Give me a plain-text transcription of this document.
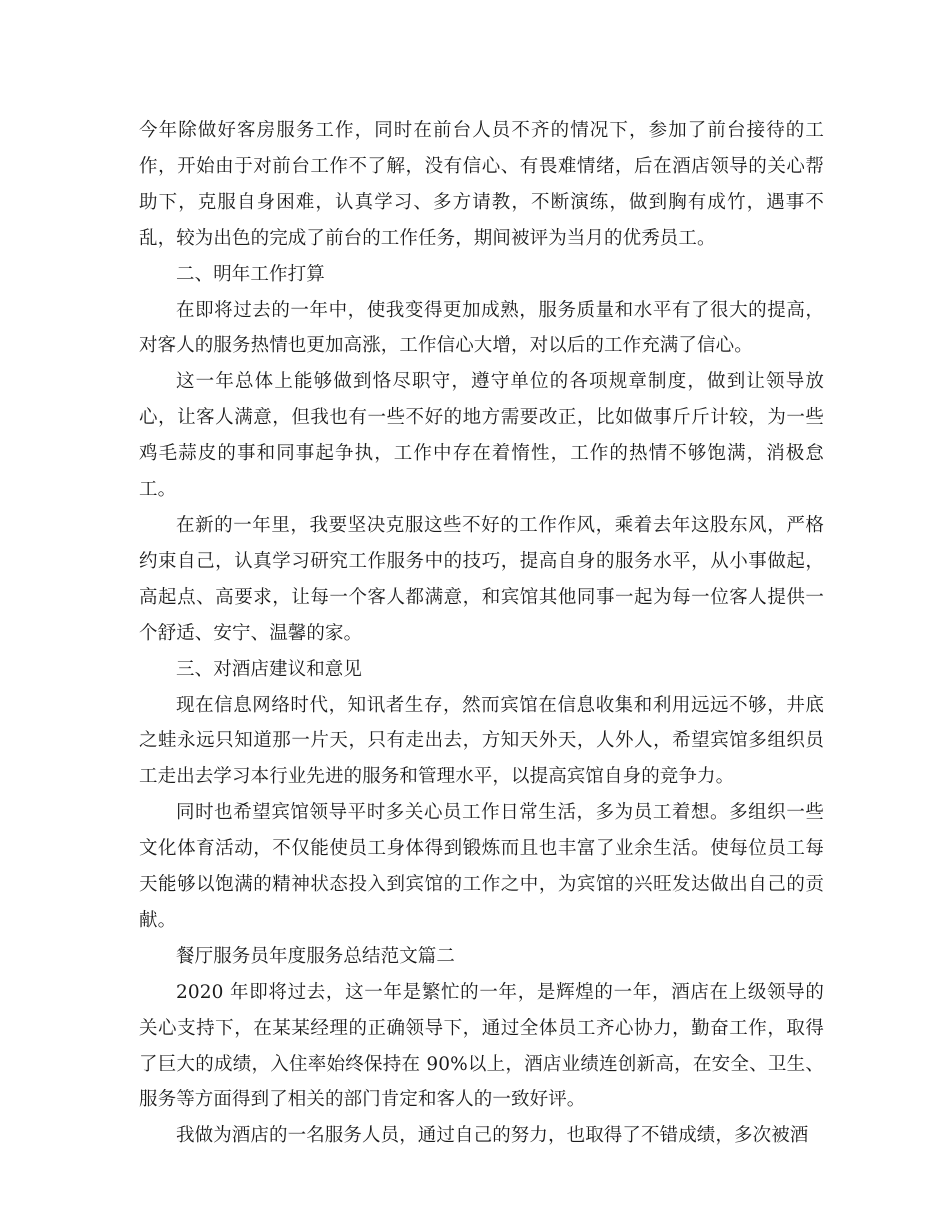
今年除做好客房服务工作，同时在前台人员不齐的情况下，参加了前台接待的工作，开始由于对前台工作不了解，没有信心、有畏难情绪，后在酒店领导的关心帮助下，克服自身困难，认真学习、多方请教，不断演练，做到胸有成竹，遇事不乱，较为出色的完成了前台的工作任务，期间被评为当月的优秀员工。

二、明年工作打算

在即将过去的一年中，使我变得更加成熟，服务质量和水平有了很大的提高，对客人的服务热情也更加高涨，工作信心大增，对以后的工作充满了信心。

这一年总体上能够做到恪尽职守，遵守单位的各项规章制度，做到让领导放心，让客人满意，但我也有一些不好的地方需要改正，比如做事斤斤计较，为一些鸡毛蒜皮的事和同事起争执，工作中存在着惰性，工作的热情不够饱满，消极怠工。

在新的一年里，我要坚决克服这些不好的工作作风，乘着去年这股东风，严格约束自己，认真学习研究工作服务中的技巧，提高自身的服务水平，从小事做起，高起点、高要求，让每一个客人都满意，和宾馆其他同事一起为每一位客人提供一个舒适、安宁、温馨的家。

三、对酒店建议和意见

现在信息网络时代，知讯者生存，然而宾馆在信息收集和利用远远不够，井底之蛙永远只知道那一片天，只有走出去，方知天外天，人外人，希望宾馆多组织员工走出去学习本行业先进的服务和管理水平，以提高宾馆自身的竞争力。

同时也希望宾馆领导平时多关心员工作日常生活，多为员工着想。多组织一些文化体育活动，不仅能使员工身体得到锻炼而且也丰富了业余生活。使每位员工每天能够以饱满的精神状态投入到宾馆的工作之中，为宾馆的兴旺发达做出自己的贡献。

餐厅服务员年度服务总结范文篇二

2020 年即将过去，这一年是繁忙的一年，是辉煌的一年，酒店在上级领导的关心支持下，在某某经理的正确领导下，通过全体员工齐心协力，勤奋工作，取得了巨大的成绩，入住率始终保持在 90%以上，酒店业绩连创新高，在安全、卫生、服务等方面得到了相关的部门肯定和客人的一致好评。

我做为酒店的一名服务人员，通过自己的努力，也取得了不错成绩，多次被酒
